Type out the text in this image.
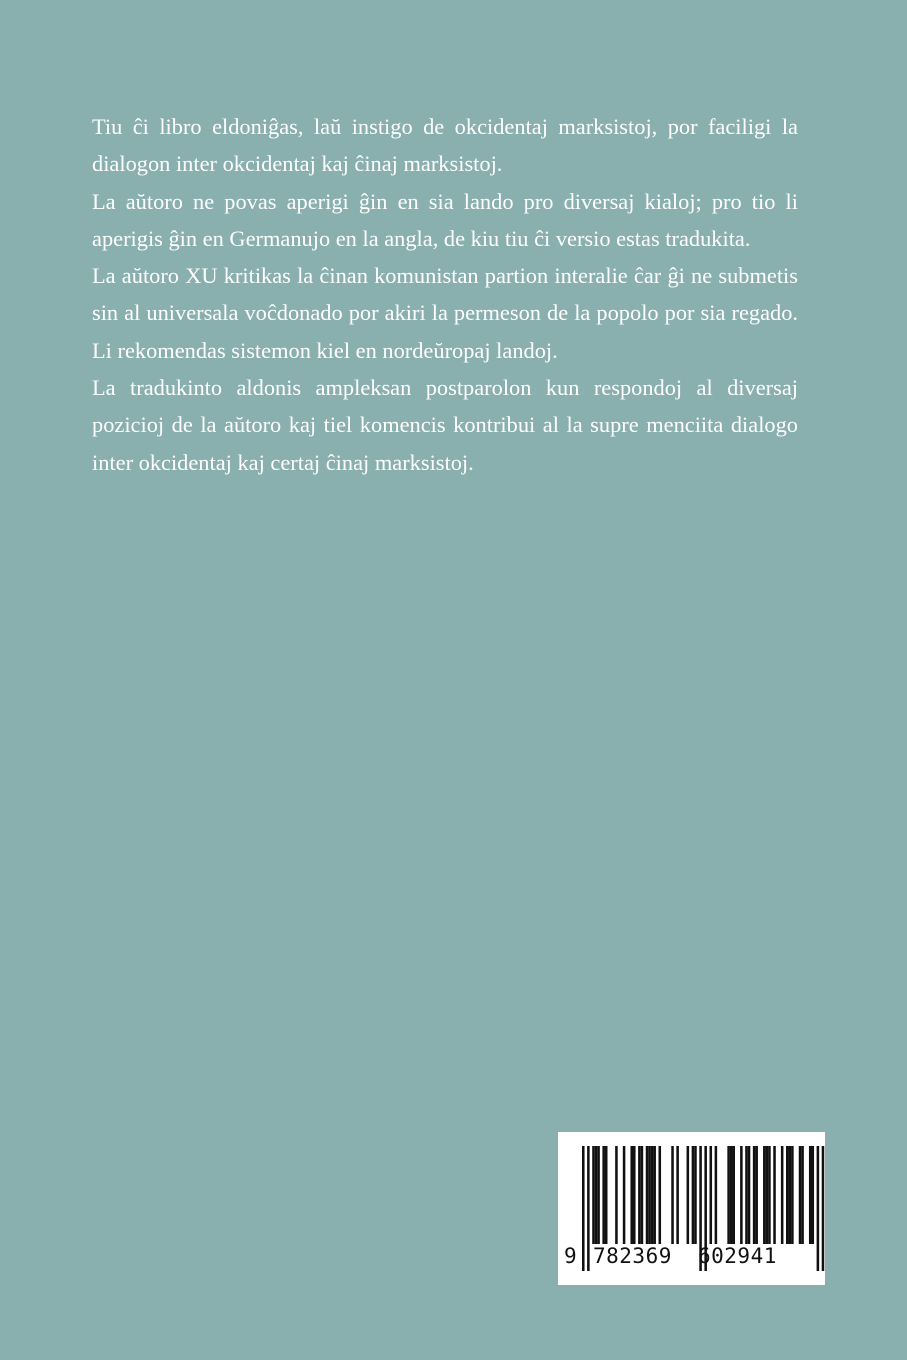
Tiu ĉi libro eldoniĝas, laŭ instigo de okcidentaj marksistoj, por faciligi la dialogon inter okcidentaj kaj ĉinaj marksistoj.

La aŭtoro ne povas aperigi ĝin en sia lando pro diversaj kialoj; pro tio li aperigis ĝin en Germanujo en la angla, de kiu tiu ĉi versio estas tradukita.

La aŭtoro XU kritikas la ĉinan komunistan partion interalie ĉar ĝi ne submetis sin al universala voĉdonado por akiri la permeson de la popolo por sia regado. Li rekomendas sistemon kiel en nordeŭropaj landoj.

La tradukinto aldonis ampleksan postparolon kun respondoj al diversaj pozicioj de la aŭtoro kaj tiel komencis kontribui al la supre menciita dialogo inter okcidentaj kaj certaj ĉinaj marksistoj.

9 782369 602941
